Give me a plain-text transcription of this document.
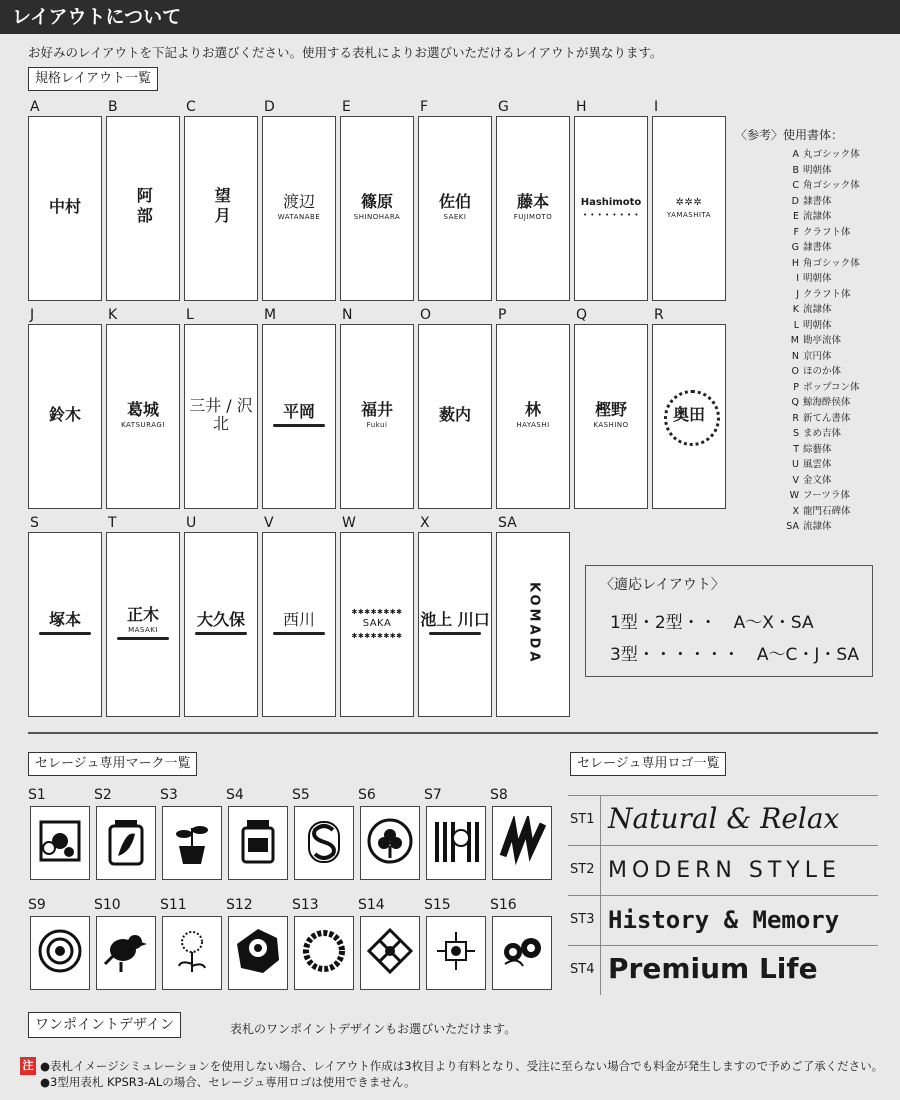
レイアウトについて
お好みのレイアウトを下記よりお選びください。使用する表札によりお選びいただけるレイアウトが異なります。
規格レイアウト一覧
A
中村
B
阿部
C
望月
D
渡辺
WATANABE
E
篠原
SHINOHARA
F
佐伯
SAEKI
G
藤本
FUJIMOTO
H
Hashimoto
• • • • • • • •
I
✲✲✲
YAMASHITA
J
鈴木
K
葛城
KATSURAGI
L
三井 / 沢北
M
平岡
N
福井
Fukui
O
薮内
P
林
HAYASHI
Q
樫野
KASHINO
R
奥田
S
塚本
T
正木
MASAKI
U
大久保
V
西川
W
✱✱✱✱✱✱✱✱
SAKA
✱✱✱✱✱✱✱✱
X
池上 川口
SA
KOMADA
〈参考〉使用書体：
A 丸ゴシック体
B 明朝体
C 角ゴシック体
D 隷書体
E 流隷体
F クラフト体
G 隷書体
H 角ゴシック体
I 明朝体
J クラフト体
K 流隷体
L 明朝体
M 勘亭流体
N 京円体
O ほのか体
P ポップコン体
Q 鯨海酔侯体
R 新てん書体
S まめ吉体
T 綜藝体
U 風雲体
V 金文体
W フーツラ体
X 龍門石碑体
SA 流隷体
〈適応レイアウト〉
1型・2型・・　A～X・SA
3型・・・・・・　A～C・J・SA
セレージュ専用マーク一覧
S1	S2	S3	S4	S5	S6	S7	S8
S9	S10	S11	S12	S13	S14	S15	S16
セレージュ専用ロゴ一覧
ST1 Natural & Relax
ST2 MODERN STYLE
ST3 History & Memory
ST4 Premium Life
ワンポイントデザイン	表札のワンポイントデザインもお選びいただけます。
注 ●表札イメージシミュレーションを使用しない場合、レイアウト作成は3枚目より有料となり、受注に至らない場合でも料金が発生しますので予めご了承ください。
●3型用表札 KPSR3-ALの場合、セレージュ専用ロゴは使用できません。
